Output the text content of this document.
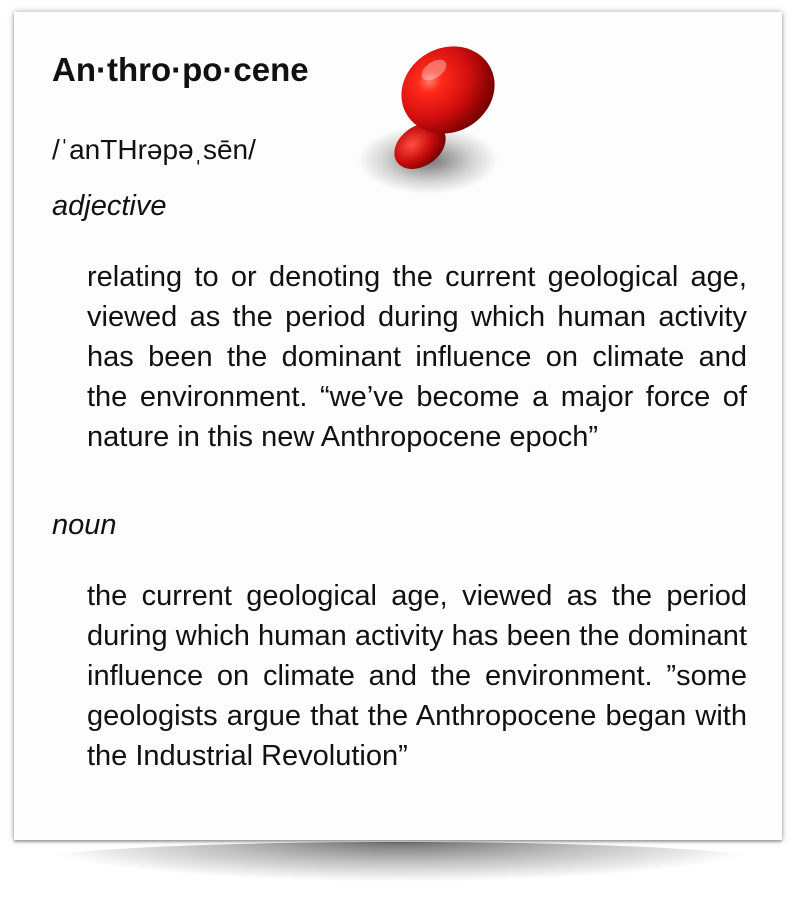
An·thro·po·cene
/ˈanTHrəpəˌsēn/
adjective
relating to or denoting the current geological age, viewed as the period during which human activity has been the dominant influence on climate and the environment. “we’ve become a major force of nature in this new Anthropocene epoch”
noun
the current geological age, viewed as the period during which human activity has been the dominant influence on climate and the environment. ”some geologists argue that the Anthropocene began with the Industrial Revolution”
